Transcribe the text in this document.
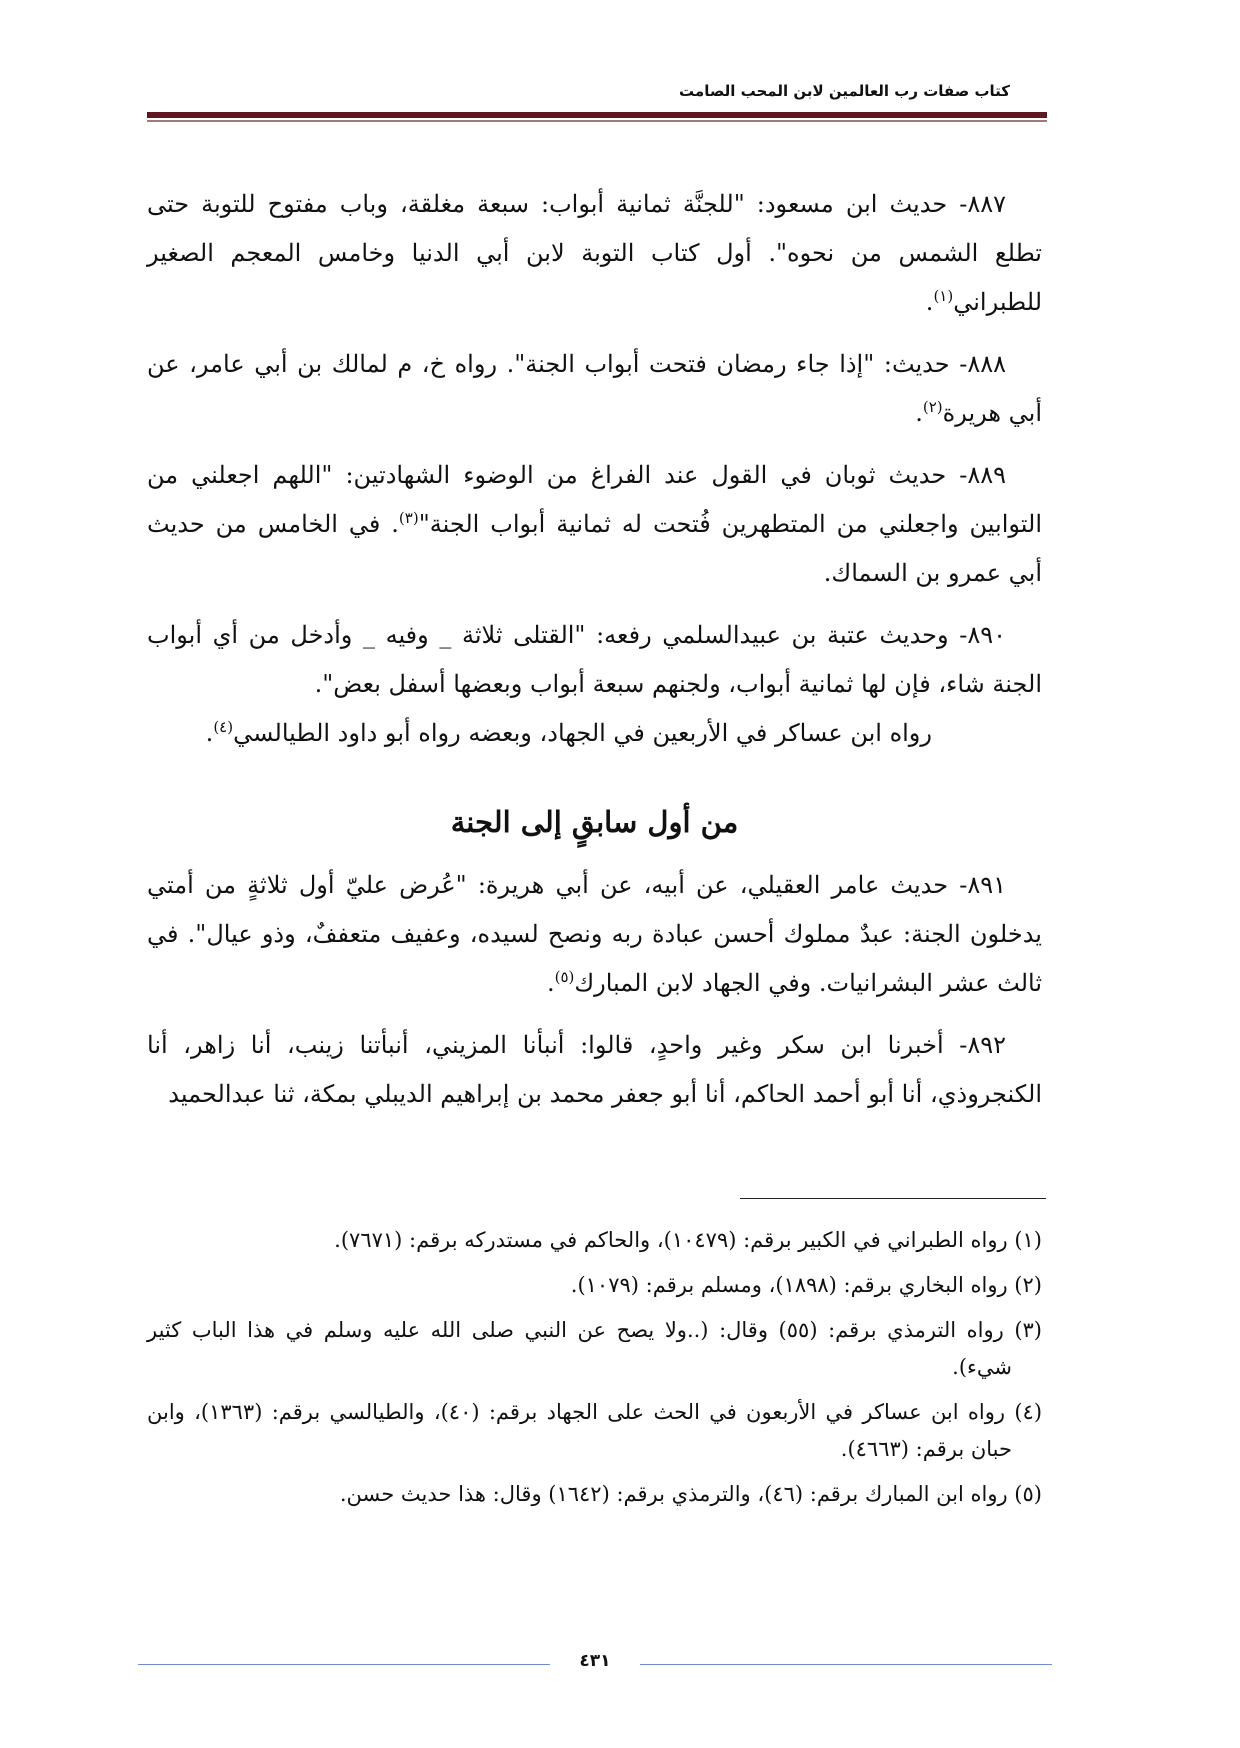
كتاب صفات رب العالمين لابن المحب الصامت

٨٨٧- حديث ابن مسعود: "للجنَّة ثمانية أبواب: سبعة مغلقة، وباب مفتوح للتوبة حتى تطلع الشمس من نحوه". أول كتاب التوبة لابن أبي الدنيا وخامس المعجم الصغير للطبراني$^{(١)}$.

٨٨٨- حديث: "إذا جاء رمضان فتحت أبواب الجنة". رواه خ، م لمالك بن أبي عامر، عن أبي هريرة$^{(٢)}$.

٨٨٩- حديث ثوبان في القول عند الفراغ من الوضوء الشهادتين: "اللهم اجعلني من التوابين واجعلني من المتطهرين فُتحت له ثمانية أبواب الجنة"$^{(٣)}$. في الخامس من حديث أبي عمرو بن السماك.

٨٩٠- وحديث عتبة بن عبيدالسلمي رفعه: "القتلى ثلاثة _ وفيه _ وأدخل من أي أبواب الجنة شاء، فإن لها ثمانية أبواب، ولجنهم سبعة أبواب وبعضها أسفل بعض".

رواه ابن عساكر في الأربعين في الجهاد، وبعضه رواه أبو داود الطيالسي$^{(٤)}$.

من أول سابقٍ إلى الجنة

٨٩١- حديث عامر العقيلي، عن أبيه، عن أبي هريرة: "عُرض عليّ أول ثلاثةٍ من أمتي يدخلون الجنة: عبدٌ مملوك أحسن عبادة ربه ونصح لسيده، وعفيف متعففٌ، وذو عيال". في ثالث عشر البشرانيات. وفي الجهاد لابن المبارك$^{(٥)}$.

٨٩٢- أخبرنا ابن سكر وغير واحدٍ، قالوا: أنبأنا المزيني، أنبأتنا زينب، أنا زاهر، أنا الكنجروذي، أنا أبو أحمد الحاكم، أنا أبو جعفر محمد بن إبراهيم الديبلي بمكة، ثنا عبدالحميد

(١) رواه الطبراني في الكبير برقم: (١٠٤٧٩)، والحاكم في مستدركه برقم: (٧٦٧١).

(٢) رواه البخاري برقم: (١٨٩٨)، ومسلم برقم: (١٠٧٩).

(٣) رواه الترمذي برقم: (٥٥) وقال: (..ولا يصح عن النبي صلى الله عليه وسلم في هذا الباب كثير شيء).

(٤) رواه ابن عساكر في الأربعون في الحث على الجهاد برقم: (٤٠)، والطيالسي برقم: (١٣٦٣)، وابن حبان برقم: (٤٦٦٣).

(٥) رواه ابن المبارك برقم: (٤٦)، والترمذي برقم: (١٦٤٢) وقال: هذا حديث حسن.

٤٣١
